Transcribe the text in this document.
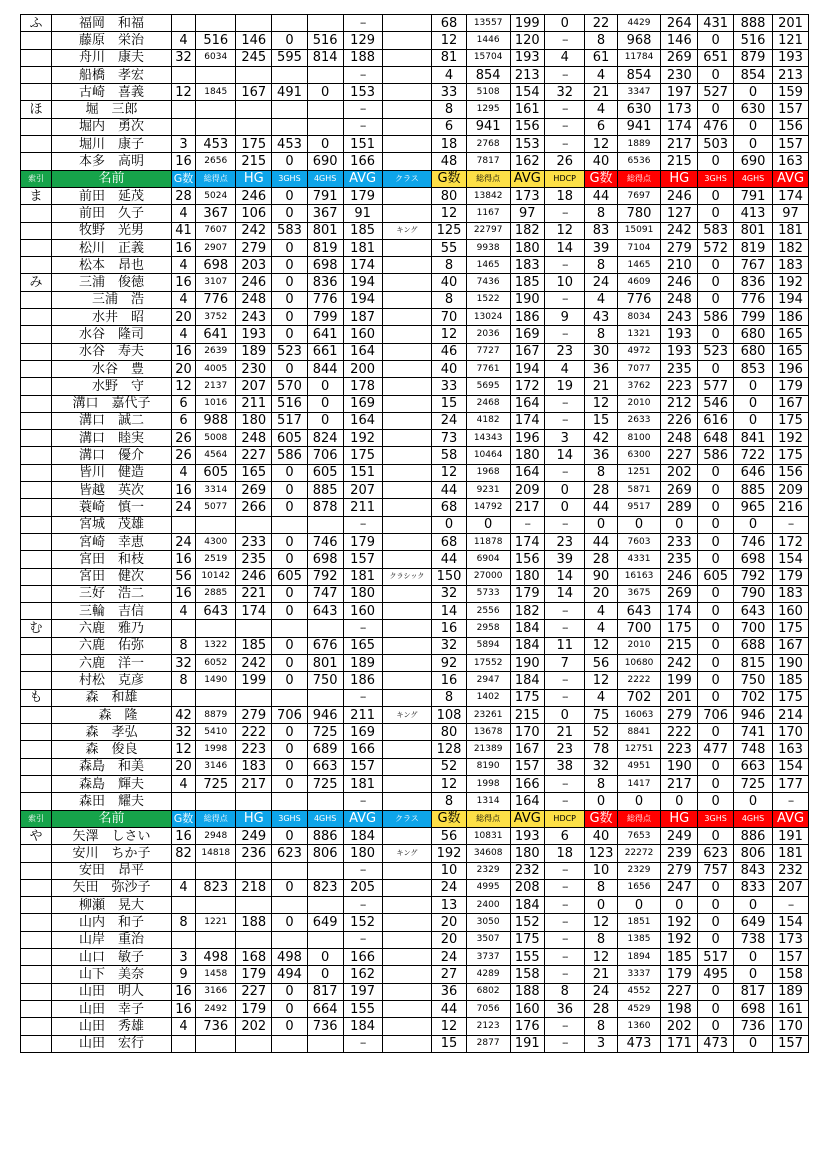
ふ	福岡　和福						--		68	13557	199	0	22	4429	264	431	888	201
	藤原　栄治	4	516	146	0	516	129		12	1446	120	--	8	968	146	0	516	121
	舟川　康夫	32	6034	245	595	814	188		81	15704	193	4	61	11784	269	651	879	193
	船橋　孝宏						--		4	854	213	--	4	854	230	0	854	213
	古崎　喜義	12	1845	167	491	0	153		33	5108	154	32	21	3347	197	527	0	159
ほ	堀　三郎						--		8	1295	161	--	4	630	173	0	630	157
	堀内　勇次						--		6	941	156	--	6	941	174	476	0	156
	堀川　康子	3	453	175	453	0	151		18	2768	153	--	12	1889	217	503	0	157
	本多　高明	16	2656	215	0	690	166		48	7817	162	26	40	6536	215	0	690	163
索引	名前	G数	総得点	HG	3GHS	4GHS	AVG	クラス	G数	総得点	AVG	HDCP	G数	総得点	HG	3GHS	4GHS	AVG
ま	前田　延茂	28	5024	246	0	791	179		80	13842	173	18	44	7697	246	0	791	174
	前田　久子	4	367	106	0	367	91		12	1167	97	--	8	780	127	0	413	97
	牧野　光男	41	7607	242	583	801	185	キング	125	22797	182	12	83	15091	242	583	801	181
	松川　正義	16	2907	279	0	819	181		55	9938	180	14	39	7104	279	572	819	182
	松本　昂也	4	698	203	0	698	174		8	1465	183	--	8	1465	210	0	767	183
み	三浦　俊徳	16	3107	246	0	836	194		40	7436	185	10	24	4609	246	0	836	192
	　三浦　浩	4	776	248	0	776	194		8	1522	190	--	4	776	248	0	776	194
	　水井　昭	20	3752	243	0	799	187		70	13024	186	9	43	8034	243	586	799	186
	水谷　隆司	4	641	193	0	641	160		12	2036	169	--	8	1321	193	0	680	165
	水谷　寿夫	16	2639	189	523	661	164		46	7727	167	23	30	4972	193	523	680	165
	　水谷　豊	20	4005	230	0	844	200		40	7761	194	4	36	7077	235	0	853	196
	　水野　守	12	2137	207	570	0	178		33	5695	172	19	21	3762	223	577	0	179
	溝口　嘉代子	6	1016	211	516	0	169		15	2468	164	--	12	2010	212	546	0	167
	溝口　誠二	6	988	180	517	0	164		24	4182	174	--	15	2633	226	616	0	175
	溝口　睦実	26	5008	248	605	824	192		73	14343	196	3	42	8100	248	648	841	192
	溝口　優介	26	4564	227	586	706	175		58	10464	180	14	36	6300	227	586	722	175
	皆川　健造	4	605	165	0	605	151		12	1968	164	--	8	1251	202	0	646	156
	皆越　英次	16	3314	269	0	885	207		44	9231	209	0	28	5871	269	0	885	209
	蓑崎　慎一	24	5077	266	0	878	211		68	14792	217	0	44	9517	289	0	965	216
	宮城　茂雄						--		0	0	--	--	0	0	0	0	0	--
	宮崎　幸恵	24	4300	233	0	746	179		68	11878	174	23	44	7603	233	0	746	172
	宮田　和枝	16	2519	235	0	698	157		44	6904	156	39	28	4331	235	0	698	154
	宮田　健次	56	10142	246	605	792	181	クラシック	150	27000	180	14	90	16163	246	605	792	179
	三好　浩二	16	2885	221	0	747	180		32	5733	179	14	20	3675	269	0	790	183
	三輪　吉信	4	643	174	0	643	160		14	2556	182	--	4	643	174	0	643	160
む	六鹿　雅乃						--		16	2958	184	--	4	700	175	0	700	175
	六鹿　佑弥	8	1322	185	0	676	165		32	5894	184	11	12	2010	215	0	688	167
	六鹿　洋一	32	6052	242	0	801	189		92	17552	190	7	56	10680	242	0	815	190
	村松　克彦	8	1490	199	0	750	186		16	2947	184	--	12	2222	199	0	750	185
も	森　和雄						--		8	1402	175	--	4	702	201	0	702	175
	　森　隆	42	8879	279	706	946	211	キング	108	23261	215	0	75	16063	279	706	946	214
	森　孝弘	32	5410	222	0	725	169		80	13678	170	21	52	8841	222	0	741	170
	森　俊良	12	1998	223	0	689	166		128	21389	167	23	78	12751	223	477	748	163
	森島　和美	20	3146	183	0	663	157		52	8190	157	38	32	4951	190	0	663	154
	森島　輝夫	4	725	217	0	725	181		12	1998	166	--	8	1417	217	0	725	177
	森田　耀夫						--		8	1314	164	--	0	0	0	0	0	--
索引	名前	G数	総得点	HG	3GHS	4GHS	AVG	クラス	G数	総得点	AVG	HDCP	G数	総得点	HG	3GHS	4GHS	AVG
や	矢澤　しさい	16	2948	249	0	886	184		56	10831	193	6	40	7653	249	0	886	191
	安川　ちか子	82	14818	236	623	806	180	キング	192	34608	180	18	123	22272	239	623	806	181
	安田　昂平						--		10	2329	232	--	10	2329	279	757	843	232
	矢田　弥沙子	4	823	218	0	823	205		24	4995	208	--	8	1656	247	0	833	207
	柳瀬　晃大						--		13	2400	184	--	0	0	0	0	0	--
	山内　和子	8	1221	188	0	649	152		20	3050	152	--	12	1851	192	0	649	154
	山岸　重治						--		20	3507	175	--	8	1385	192	0	738	173
	山口　敏子	3	498	168	498	0	166		24	3737	155	--	12	1894	185	517	0	157
	山下　美奈	9	1458	179	494	0	162		27	4289	158	--	21	3337	179	495	0	158
	山田　明人	16	3166	227	0	817	197		36	6802	188	8	24	4552	227	0	817	189
	山田　幸子	16	2492	179	0	664	155		44	7056	160	36	28	4529	198	0	698	161
	山田　秀雄	4	736	202	0	736	184		12	2123	176	--	8	1360	202	0	736	170
	山田　宏行						--		15	2877	191	--	3	473	171	473	0	157
